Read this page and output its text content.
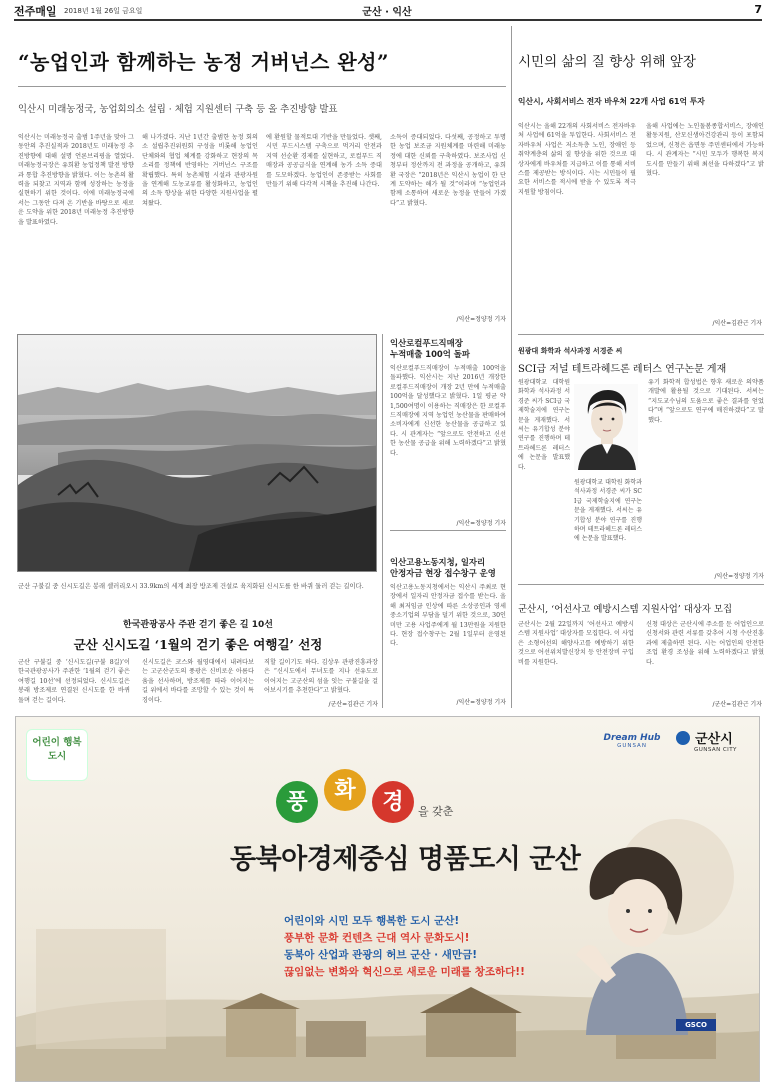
전주매일 2018년 1월 26일 금요일	군산 · 익산	7
“농업인과 함께하는 농정 거버넌스 완성”
익산시 미래농정국, 농업회의소 설립 · 체험 지원센터 구축 등 올 추진방향 발표
익산시는 미래농정국 출범 1주년을 맞아 그동안의 추진실적과 2018년도 미래농정 추진방향에 대해 설명 언론브리핑을 열었다. 미래농정국장은 유희환 농업정책 발전 방향과 통합 추진방향을 밝혔다. 이는 농촌의 활력을 되찾고 지역과 함께 성장하는 농정을 실현하기 위한 것이다. 이에 미래농정국에서는 그동안 다져 온 기반을 바탕으로 새로운 도약을 위한 2018년 미래농정 추진방향을 발표하였다.
해 나가겠다. 지난 1년간 출범한 농정 회의소 설립추진위원회 구성을 비롯해 농업인 단체와의 협업 체계를 강화하고 현장의 목소리를 정책에 반영하는 거버넌스 구조를 확립했다. 특히 농촌체험 시설과 관광자원을 연계해 도농교류를 활성화하고, 농업인의 소득 향상을 위한 다양한 지원사업을 펼쳐왔다.
에 환원할 물적토대 기반을 만들었다. 셋째, 시민 푸드시스템 구축으로 먹거리 안전과 지역 선순환 경제를 실현하고, 로컬푸드 직매장과 공공급식을 연계해 농가 소득 증대를 도모하겠다. 농업인이 존중받는 사회를 만들기 위해 다각적 시책을 추진해 나간다.
소득이 증대되었다. 다섯째, 공정하고 투명한 농업 보조금 지원체계를 마련해 미래농정에 대한 신뢰를 구축하였다. 보조사업 신청부터 정산까지 전 과정을 공개하고, 유희환 국장은 “2018년은 익산시 농업이 한 단계 도약하는 해가 될 것”이라며 “농업인과 함께 소통하며 새로운 농정을 만들어 가겠다”고 밝혔다.
/익산=정양정 기자
군산 구불길 중 신시도길은 봉래 셀러리오시 33.9km의 세계 최장 방조제 건설로 육지화된 신시도를 한 바퀴 둘러 걷는 길이다.
한국관광공사 주관 걷기 좋은 길 10선
군산 신시도길 ‘1월의 걷기 좋은 여행길’ 선정
군산 구불길 중 ‘신시도길(구불 8길)’이 한국관광공사가 주관한 ‘1월의 걷기 좋은 여행길 10선’에 선정되었다. 신시도길은 봉래 방조제로 연결된 신시도를 한 바퀴 돌며 걷는 길이다.
신시도길은 코스와 월영대에서 내려다보는 고군산군도의 풍광은 신비로운 아름다움을 선사하며, 방조제를 따라 이어지는 길 위에서 바다를 조망할 수 있는 것이 특징이다.
직할 길이기도 하다. 김상우 관광진흥과장은 “신시도에서 무녀도를 지나 선유도로 이어지는 고군산의 섬을 잇는 구불길을 걸어보시기를 추천한다”고 밝혔다.
/군산=김관근 기자
익산로컬푸드직매장
누적매출 100억 돌파
익산로컬푸드직매장이 누적매출 100억을 돌파했다. 익산시는 지난 2016년 개장한 로컬푸드직매장이 개장 2년 만에 누적매출 100억을 달성했다고 밝혔다. 1일 평균 약 1,500여명이 이용하는 직매장은 한 로컬푸드직매장에 지역 농업인 농산물을 판매하여 소비자에게 신선한 농산물을 공급하고 있다. 시 관계자는 “앞으로도 안전하고 신선한 농산물 공급을 위해 노력하겠다”고 밝혔다.
/익산=정양정 기자
익산고용노동지청, 일자리
안정자금 현장 접수창구 운영
익산고용노동지청에서는 익산시 주최로 현장에서 일자리 안정자금 접수를 받는다. 올해 최저임금 인상에 따른 소상공인과 영세중소기업의 부담을 덜기 위한 것으로, 30인 미만 고용 사업주에게 월 13만원을 지원한다. 현장 접수창구는 2월 1일부터 운영된다.
/익산=정양정 기자
시민의 삶의 질 향상 위해 앞장
익산시, 사회서비스 전자 바우처 22개 사업 61억 투자
익산시는 올해 22개의 사회서비스 전자바우처 사업에 61억을 투입한다. 사회서비스 전자바우처 사업은 저소득층 노인, 장애인 등 취약계층의 삶의 질 향상을 위한 것으로 대상자에게 바우처를 지급하고 이를 통해 서비스를 제공받는 방식이다. 시는 시민들이 필요한 서비스를 적시에 받을 수 있도록 적극 지원할 방침이다.
올해 사업에는 노인돌봄종합서비스, 장애인활동지원, 산모신생아건강관리 등이 포함되었으며, 신청은 읍면동 주민센터에서 가능하다. 시 관계자는 “시민 모두가 행복한 복지도시를 만들기 위해 최선을 다하겠다”고 밝혔다.
/익산=김관근 기자
원광대 화학과 석사과정 서경준 씨
SCI급 저널 테트라헤드론 레터스 연구논문 게재
원광대학교 대학원 화학과 석사과정 서경준 씨가 SCI급 국제학술지에 연구논문을 게재했다. 서씨는 유기합성 분야 연구를 진행하며 테트라헤드론 레터스에 논문을 발표했다.
원광대학교 대학원 화학과 석사과정 서경준 씨가 SCI급 국제학술지에 연구논문을 게재했다. 서씨는 유기합성 분야 연구를 진행하며 테트라헤드론 레터스에 논문을 발표했다.
유기 화학적 합성법은 향후 새로운 의약품 개발에 활용될 것으로 기대된다. 서씨는 “지도교수님의 도움으로 좋은 결과를 얻었다”며 “앞으로도 연구에 매진하겠다”고 말했다.
/익산=정양정 기자
군산시, ‘어선사고 예방시스템 지원사업’ 대상자 모집
군산시는 2월 22일까지 ‘어선사고 예방시스템 지원사업’ 대상자를 모집한다. 이 사업은 소형어선의 해양사고를 예방하기 위한 것으로 어선위치발신장치 등 안전장비 구입비를 지원한다.
신청 대상은 군산시에 주소를 둔 어업인으로 신청서와 관련 서류를 갖추어 시청 수산진흥과에 제출하면 된다. 시는 어업인의 안전한 조업 환경 조성을 위해 노력하겠다고 밝혔다.
/군산=김관근 기자
어린이 행복도시
Dream Hub
GUNSAN	군산시
GUNSAN CITY
풍	화	경	을 갖춘
동북아경제중심 명품도시 군산
어린이와 시민 모두 행복한 도시 군산!
풍부한 문화 컨텐츠 근대 역사 문화도시!
동북아 산업과 관광의 허브 군산 · 새만금!
끊임없는 변화와 혁신으로 새로운 미래를 창조하다!!
GSCO
